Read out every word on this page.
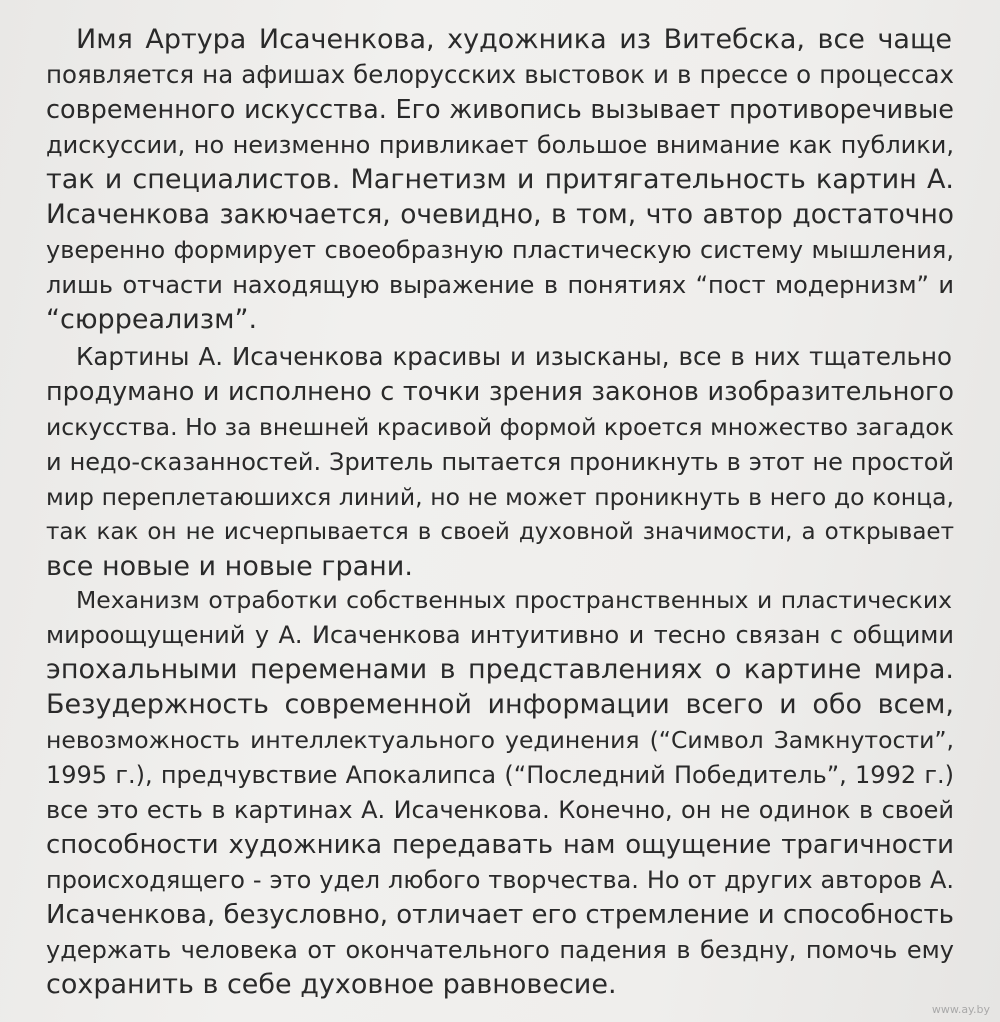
Имя Артура Исаченкова, художника из Витебска, все чаще

появляется на афишах белорусских выстовок и в прессе о процессах

современного искусства. Его живопись вызывает противоречивые

дискуссии, но неизменно привликает большое внимание как публики,

так и специалистов. Магнетизм и притягательность картин А.

Исаченкова закючается, очевидно, в том, что автор достаточно

уверенно формирует своеобразную пластическую систему мышления,

лишь отчасти находящую выражение в понятиях “пост модернизм” и

“сюрреализм”.

Картины А. Исаченкова красивы и изысканы, все в них тщательно

продумано и исполнено с точки зрения законов изобразительного

искусства. Но за внешней красивой формой кроется множество загадок

и недо-сказанностей. Зритель пытается проникнуть в этот не простой

мир переплетаюшихся линий, но не может проникнуть в него до конца,

так как он не исчерпывается в своей духовной значимости, а открывает

все новые и новые грани.

Механизм отработки собственных пространственных и пластических

мироощущений у А. Исаченкова интуитивно и тесно связан с общими

эпохальными переменами в представлениях о картине мира.

Безудержность современной информации всего и обо всем,

невозможность интеллектуального уединения (“Символ Замкнутости”,

1995 г.), предчувствие Апокалипса (“Последний Победитель”, 1992 г.)

все это есть в картинах А. Исаченкова. Конечно, он не одинок в своей

способности художника передавать нам ощущение трагичности

происходящего - это удел любого творчества. Но от других авторов А.

Исаченкова, безусловно, отличает его стремление и способность

удержать человека от окончательного падения в бездну, помочь ему

сохранить в себе духовное равновесие.

www.ay.by
